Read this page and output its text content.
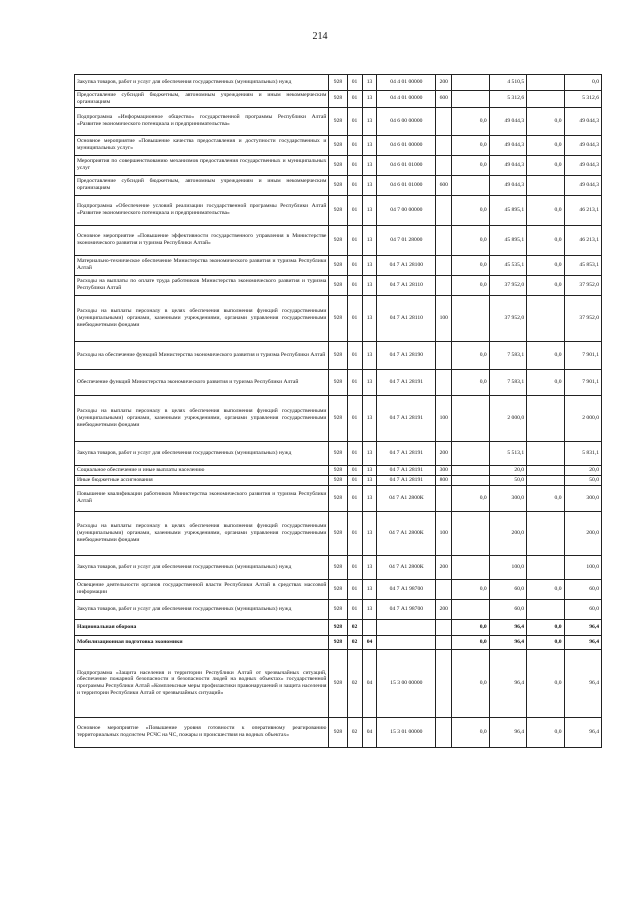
214
Закупка товаров, работ и услуг для обеспечения государственных (муниципальных) нужд	928	01	13	04 4 01 00000	200		4 510,5		0,0
Предоставление субсидий бюджетным, автономным учреждениям и иным некоммерческим организациям	928	01	13	04 4 01 00000	600		5 312,6		5 312,6
Подпрограмма «Информационное общество» государственной программы Республики Алтай «Развитие экономического потенциала и предпринимательства»	928	01	13	04 6 00 00000		0,0	49 044,3	0,0	49 044,3
Основное мероприятие «Повышение качества предоставления и доступности государственных и муниципальных услуг»	928	01	13	04 6 01 00000		0,0	49 044,3	0,0	49 044,3
Мероприятия по совершенствованию механизмов предоставления государственных и муниципальных услуг	928	01	13	04 6 01 01000		0,0	49 044,3	0,0	49 044,3
Предоставление субсидий бюджетным, автономным учреждениям и иным некоммерческим организациям	928	01	13	04 6 01 01000	600		49 044,3		49 044,3
Подпрограмма «Обеспечение условий реализации государственной программы Республики Алтай «Развитие экономического потенциала и предпринимательства»	928	01	13	04 7 00 00000		0,0	45 895,1	0,0	46 213,1
Основное мероприятие «Повышение эффективности государственного управления в Министерстве экономического развития и туризма Республики Алтай»	928	01	13	04 7 01 28000		0,0	45 895,1	0,0	46 213,1
Материально-техническое обеспечение Министерства экономического развития и туризма Республики Алтай	928	01	13	04 7 А1 28100		0,0	45 535,1	0,0	45 853,1
Расходы на выплаты по оплате труда работников Министерства экономического развития и туризма Республики Алтай	928	01	13	04 7 А1 28110		0,0	37 952,0	0,0	37 952,0
Расходы на выплаты персоналу в целях обеспечения выполнения функций государственными (муниципальными) органами, казенными учреждениями, органами управления государственными внебюджетными фондами	928	01	13	04 7 А1 28110	100		37 952,0		37 952,0
Расходы на обеспечение функций Министерства экономического развития и туризма Республики Алтай	928	01	13	04 7 А1 28190		0,0	7 583,1	0,0	7 901,1
Обеспечение функций Министерства экономического развития и туризма Республики Алтай	928	01	13	04 7 А1 28191		0,0	7 583,1	0,0	7 901,1
Расходы на выплаты персоналу в целях обеспечения выполнения функций государственными (муниципальными) органами, казенными учреждениями, органами управления государственными внебюджетными фондами	928	01	13	04 7 А1 28191	100		2 000,0		2 000,0
Закупка товаров, работ и услуг для обеспечения государственных (муниципальных) нужд	928	01	13	04 7 А1 28191	200		5 513,1		5 831,1
Социальное обеспечение и иные выплаты населению	928	01	13	04 7 А1 28191	300		20,0		20,0
Иные бюджетные ассигнования	928	01	13	04 7 А1 28191	800		50,0		50,0
Повышение квалификации работников Министерства экономического развития и туризма Республики Алтай	928	01	13	04 7 А1 2800К		0,0	300,0	0,0	300,0
Расходы на выплаты персоналу в целях обеспечения выполнения функций государственными (муниципальными) органами, казенными учреждениями, органами управления государственными внебюджетными фондами	928	01	13	04 7 А1 2800К	100		200,0		200,0
Закупка товаров, работ и услуг для обеспечения государственных (муниципальных) нужд	928	01	13	04 7 А1 2800К	200		100,0		100,0
Освещение деятельности органов государственной власти Республики Алтай в средствах массовой информации	928	01	13	04 7 А1 98700		0,0	60,0	0,0	60,0
Закупка товаров, работ и услуг для обеспечения государственных (муниципальных) нужд	928	01	13	04 7 А1 98700	200		60,0		60,0
Национальная оборона	928	02				0,0	96,4	0,0	96,4
Мобилизационная подготовка экономики	928	02	04			0,0	96,4	0,0	96,4
Подпрограмма «Защита населения и территории Республики Алтай от чрезвычайных ситуаций, обеспечение пожарной безопасности и безопасности людей на водных объектах» государственной программы Республики Алтай «Комплексные меры профилактики правонарушений и защита населения и территории Республики Алтай от чрезвычайных ситуаций»	928	02	04	15 3 00 00000		0,0	96,4	0,0	96,4
Основное мероприятие «Повышение уровня готовности к оперативному реагированию территориальных подсистем РСЧС на ЧС, пожары и происшествия на водных объектах»	928	02	04	15 3 01 00000		0,0	96,4	0,0	96,4
